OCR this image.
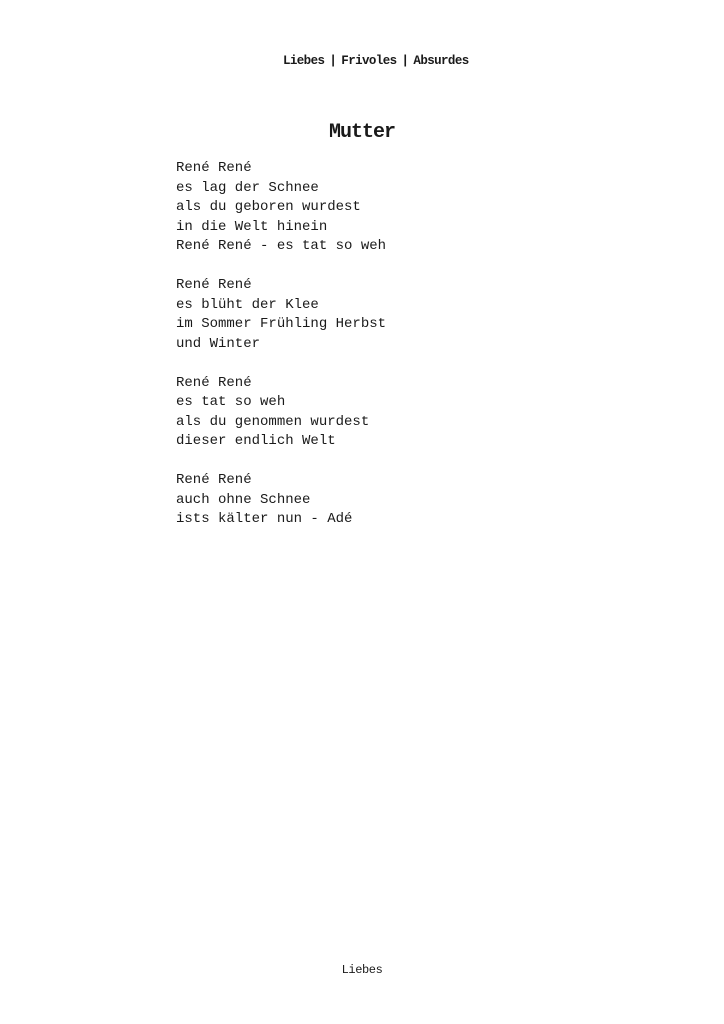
Liebes | Frivoles | Absurdes

Mutter
René René
es lag der Schnee
als du geboren wurdest
in die Welt hinein
René René - es tat so weh
René René
es blüht der Klee
im Sommer Frühling Herbst
und Winter
René René
es tat so weh
als du genommen wurdest
dieser endlich Welt
René René
auch ohne Schnee
ists kälter nun - Adé
Liebes
